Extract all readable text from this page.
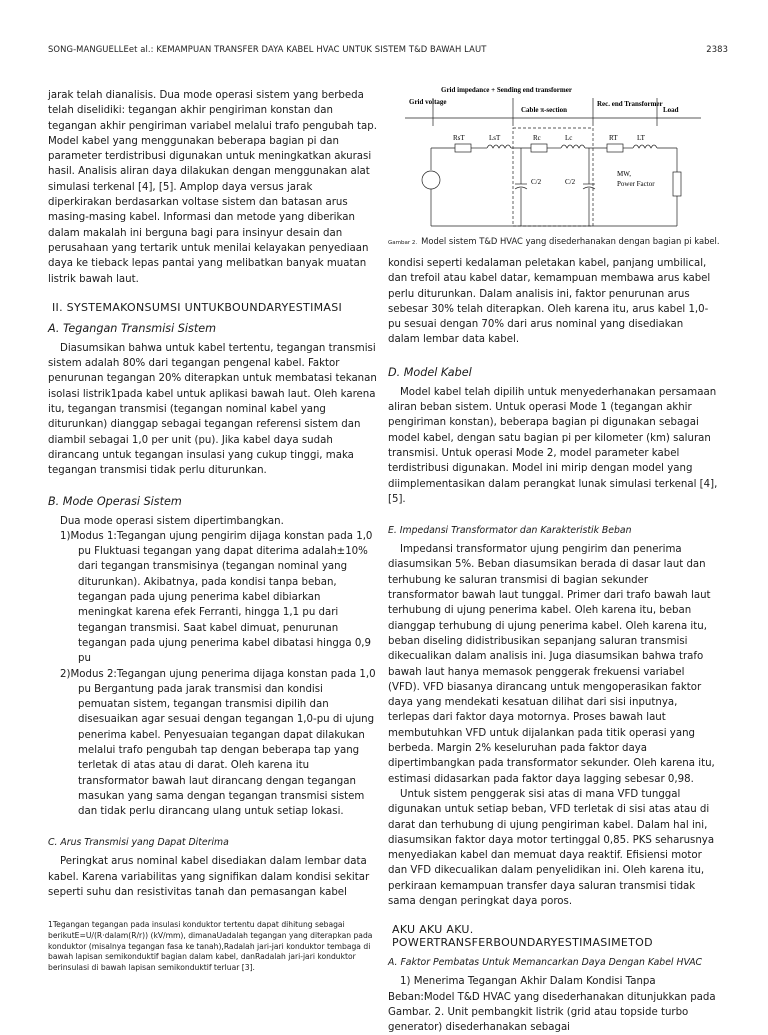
SONG-MANGUELLEet al.: KEMAMPUAN TRANSFER DAYA KABEL HVAC UNTUK SISTEM T&D BAWAH LAUT	2383

jarak telah dianalisis. Dua mode operasi sistem yang berbeda telah diselidiki: tegangan akhir pengiriman konstan dan tegangan akhir pengiriman variabel melalui trafo pengubah tap. Model kabel yang menggunakan beberapa bagian pi dan parameter terdistribusi digunakan untuk meningkatkan akurasi hasil. Analisis aliran daya dilakukan dengan menggunakan alat simulasi terkenal [4], [5]. Amplop daya versus jarak diperkirakan berdasarkan voltase sistem dan batasan arus masing-masing kabel. Informasi dan metode yang diberikan dalam makalah ini berguna bagi para insinyur desain dan perusahaan yang tertarik untuk menilai kelayakan penyediaan daya ke tieback lepas pantai yang melibatkan banyak muatan listrik bawah laut.

II. SYSTEMAKONSUMSI UNTUKBOUNDARYESTIMASI
A. Tegangan Transmisi Sistem

Diasumsikan bahwa untuk kabel tertentu, tegangan transmisi sistem adalah 80% dari tegangan pengenal kabel. Faktor penurunan tegangan 20% diterapkan untuk membatasi tekanan isolasi listrik1pada kabel untuk aplikasi bawah laut. Oleh karena itu, tegangan transmisi (tegangan nominal kabel yang diturunkan) dianggap sebagai tegangan referensi sistem dan diambil sebagai 1,0 per unit (pu). Jika kabel daya sudah dirancang untuk tegangan insulasi yang cukup tinggi, maka tegangan transmisi tidak perlu diturunkan.

B. Mode Operasi Sistem

Dua mode operasi sistem dipertimbangkan.

1)Modus 1:Tegangan ujung pengirim dijaga konstan pada 1,0 pu Fluktuasi tegangan yang dapat diterima adalah±10% dari tegangan transmisinya (tegangan nominal yang diturunkan). Akibatnya, pada kondisi tanpa beban, tegangan pada ujung penerima kabel dibiarkan meningkat karena efek Ferranti, hingga 1,1 pu dari tegangan transmisi. Saat kabel dimuat, penurunan tegangan pada ujung penerima kabel dibatasi hingga 0,9 pu

2)Modus 2:Tegangan ujung penerima dijaga konstan pada 1,0 pu Bergantung pada jarak transmisi dan kondisi pemuatan sistem, tegangan transmisi dipilih dan disesuaikan agar sesuai dengan tegangan 1,0-pu di ujung penerima kabel. Penyesuaian tegangan dapat dilakukan melalui trafo pengubah tap dengan beberapa tap yang terletak di atas atau di darat. Oleh karena itu transformator bawah laut dirancang dengan tegangan masukan yang sama dengan tegangan transmisi sistem dan tidak perlu dirancang ulang untuk setiap lokasi.

C. Arus Transmisi yang Dapat Diterima

Peringkat arus nominal kabel disediakan dalam lembar data kabel. Karena variabilitas yang signifikan dalam kondisi sekitar seperti suhu dan resistivitas tanah dan pemasangan kabel

1Tegangan tegangan pada insulasi konduktor tertentu dapat dihitung sebagai berikutE=U/(R·dalam(R/r)) (kV/mm), dimanaUadalah tegangan yang diterapkan pada konduktor (misalnya tegangan fasa ke tanah),Radalah jari-jari konduktor tembaga di bawah lapisan semikonduktif bagian dalam kabel, danRadalah jari-jari konduktor berinsulasi di bawah lapisan semikonduktif terluar [3].

Grid voltage
Grid impedance + Sending end transformer
Cable π-section
Rec. end Transformer
Load
RsT	LsT	Rc	Lc	RT	LT
C/2	C/2
MW,
Power Factor
Gambar 2. Model sistem T&D HVAC yang disederhanakan dengan bagian pi kabel.

kondisi seperti kedalaman peletakan kabel, panjang umbilical, dan trefoil atau kabel datar, kemampuan membawa arus kabel perlu diturunkan. Dalam analisis ini, faktor penurunan arus sebesar 30% telah diterapkan. Oleh karena itu, arus kabel 1,0-pu sesuai dengan 70% dari arus nominal yang disediakan dalam lembar data kabel.

D. Model Kabel

Model kabel telah dipilih untuk menyederhanakan persamaan aliran beban sistem. Untuk operasi Mode 1 (tegangan akhir pengiriman konstan), beberapa bagian pi digunakan sebagai model kabel, dengan satu bagian pi per kilometer (km) saluran transmisi. Untuk operasi Mode 2, model parameter kabel terdistribusi digunakan. Model ini mirip dengan model yang diimplementasikan dalam perangkat lunak simulasi terkenal [4], [5].

E. Impedansi Transformator dan Karakteristik Beban

Impedansi transformator ujung pengirim dan penerima diasumsikan 5%. Beban diasumsikan berada di dasar laut dan terhubung ke saluran transmisi di bagian sekunder transformator bawah laut tunggal. Primer dari trafo bawah laut terhubung di ujung penerima kabel. Oleh karena itu, beban dianggap terhubung di ujung penerima kabel. Oleh karena itu, beban diseling didistribusikan sepanjang saluran transmisi dikecualikan dalam analisis ini. Juga diasumsikan bahwa trafo bawah laut hanya memasok penggerak frekuensi variabel (VFD). VFD biasanya dirancang untuk mengoperasikan faktor daya yang mendekati kesatuan dilihat dari sisi inputnya, terlepas dari faktor daya motornya. Proses bawah laut membutuhkan VFD untuk dijalankan pada titik operasi yang berbeda. Margin 2% keseluruhan pada faktor daya dipertimbangkan pada transformator sekunder. Oleh karena itu, estimasi didasarkan pada faktor daya lagging sebesar 0,98.

Untuk sistem penggerak sisi atas di mana VFD tunggal digunakan untuk setiap beban, VFD terletak di sisi atas atau di darat dan terhubung di ujung pengiriman kabel. Dalam hal ini, diasumsikan faktor daya motor tertinggal 0,85. PKS seharusnya menyediakan kabel dan memuat daya reaktif. Efisiensi motor dan VFD dikecualikan dalam penyelidikan ini. Oleh karena itu, perkiraan kemampuan transfer daya saluran transmisi tidak sama dengan peringkat daya poros.

AKU AKU AKU. POWERTRANSFERBOUNDARYESTIMASIMETOD
A. Faktor Pembatas Untuk Memancarkan Daya Dengan Kabel HVAC

1) Menerima Tegangan Akhir Dalam Kondisi Tanpa Beban:Model T&D HVAC yang disederhanakan ditunjukkan pada Gambar. 2. Unit pembangkit listrik (grid atau topside turbo generator) disederhanakan sebagai
